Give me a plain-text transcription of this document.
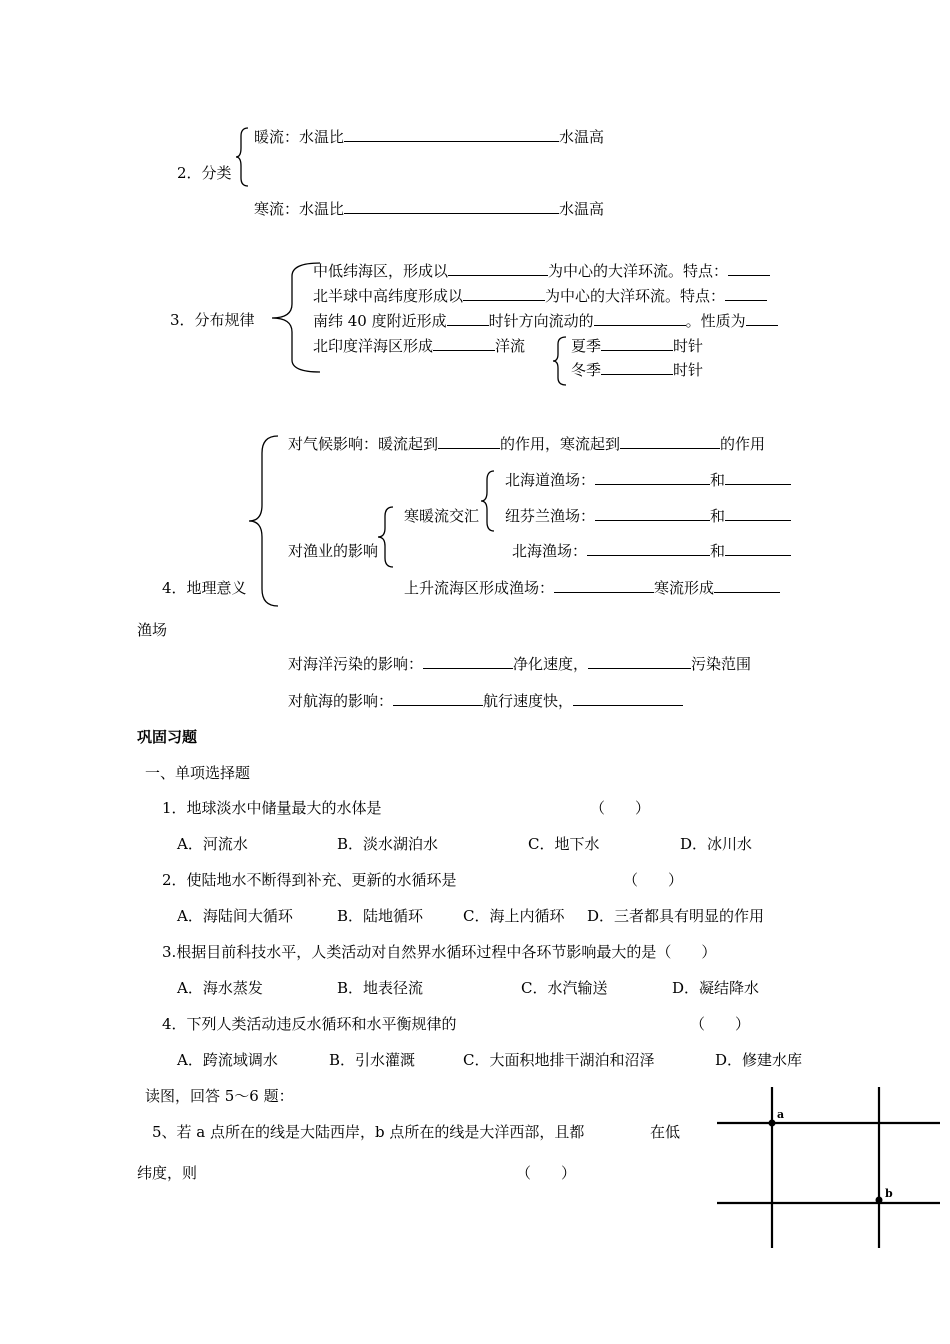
2．分类
暖流：水温比	水温高
寒流：水温比	水温高
3．分布规律
中低纬海区，形成以	为中心的大洋环流。特点：
北半球中高纬度形成以	为中心的大洋环流。特点：
南纬 40 度附近形成	时针方向流动的	。性质为
北印度洋海区形成	洋流	夏季	时针
冬季	时针
4．地理意义
渔场
对气候影响：暖流起到	的作用，寒流起到	的作用
对渔业的影响
寒暖流交汇
北海道渔场：	和
纽芬兰渔场：	和
北海渔场：	和
上升流海区形成渔场：	寒流形成
对海洋污染的影响：	净化速度，	污染范围
对航海的影响：	航行速度快，
巩固习题
一、单项选择题
1．地球淡水中储量最大的水体是	（　　）
A．河流水	B．淡水湖泊水	C．地下水	D．冰川水
2．使陆地水不断得到补充、更新的水循环是	（　　）
A．海陆间大循环	B．陆地循环	C．海上内循环 D．三者都具有明显的作用
3.根据目前科技水平，人类活动对自然界水循环过程中各环节影响最大的是（　　）
A．海水蒸发	B．地表径流	C．水汽输送	D．凝结降水
4．下列人类活动违反水循环和水平衡规律的	（　　）
A．跨流域调水	B．引水灌溉	C．大面积地排干湖泊和沼泽	D．修建水库
读图，回答 5～6 题：
5、若 a 点所在的线是大陆西岸，b 点所在的线是大洋西部，且都	在低
纬度，则	（　　）
a
b
